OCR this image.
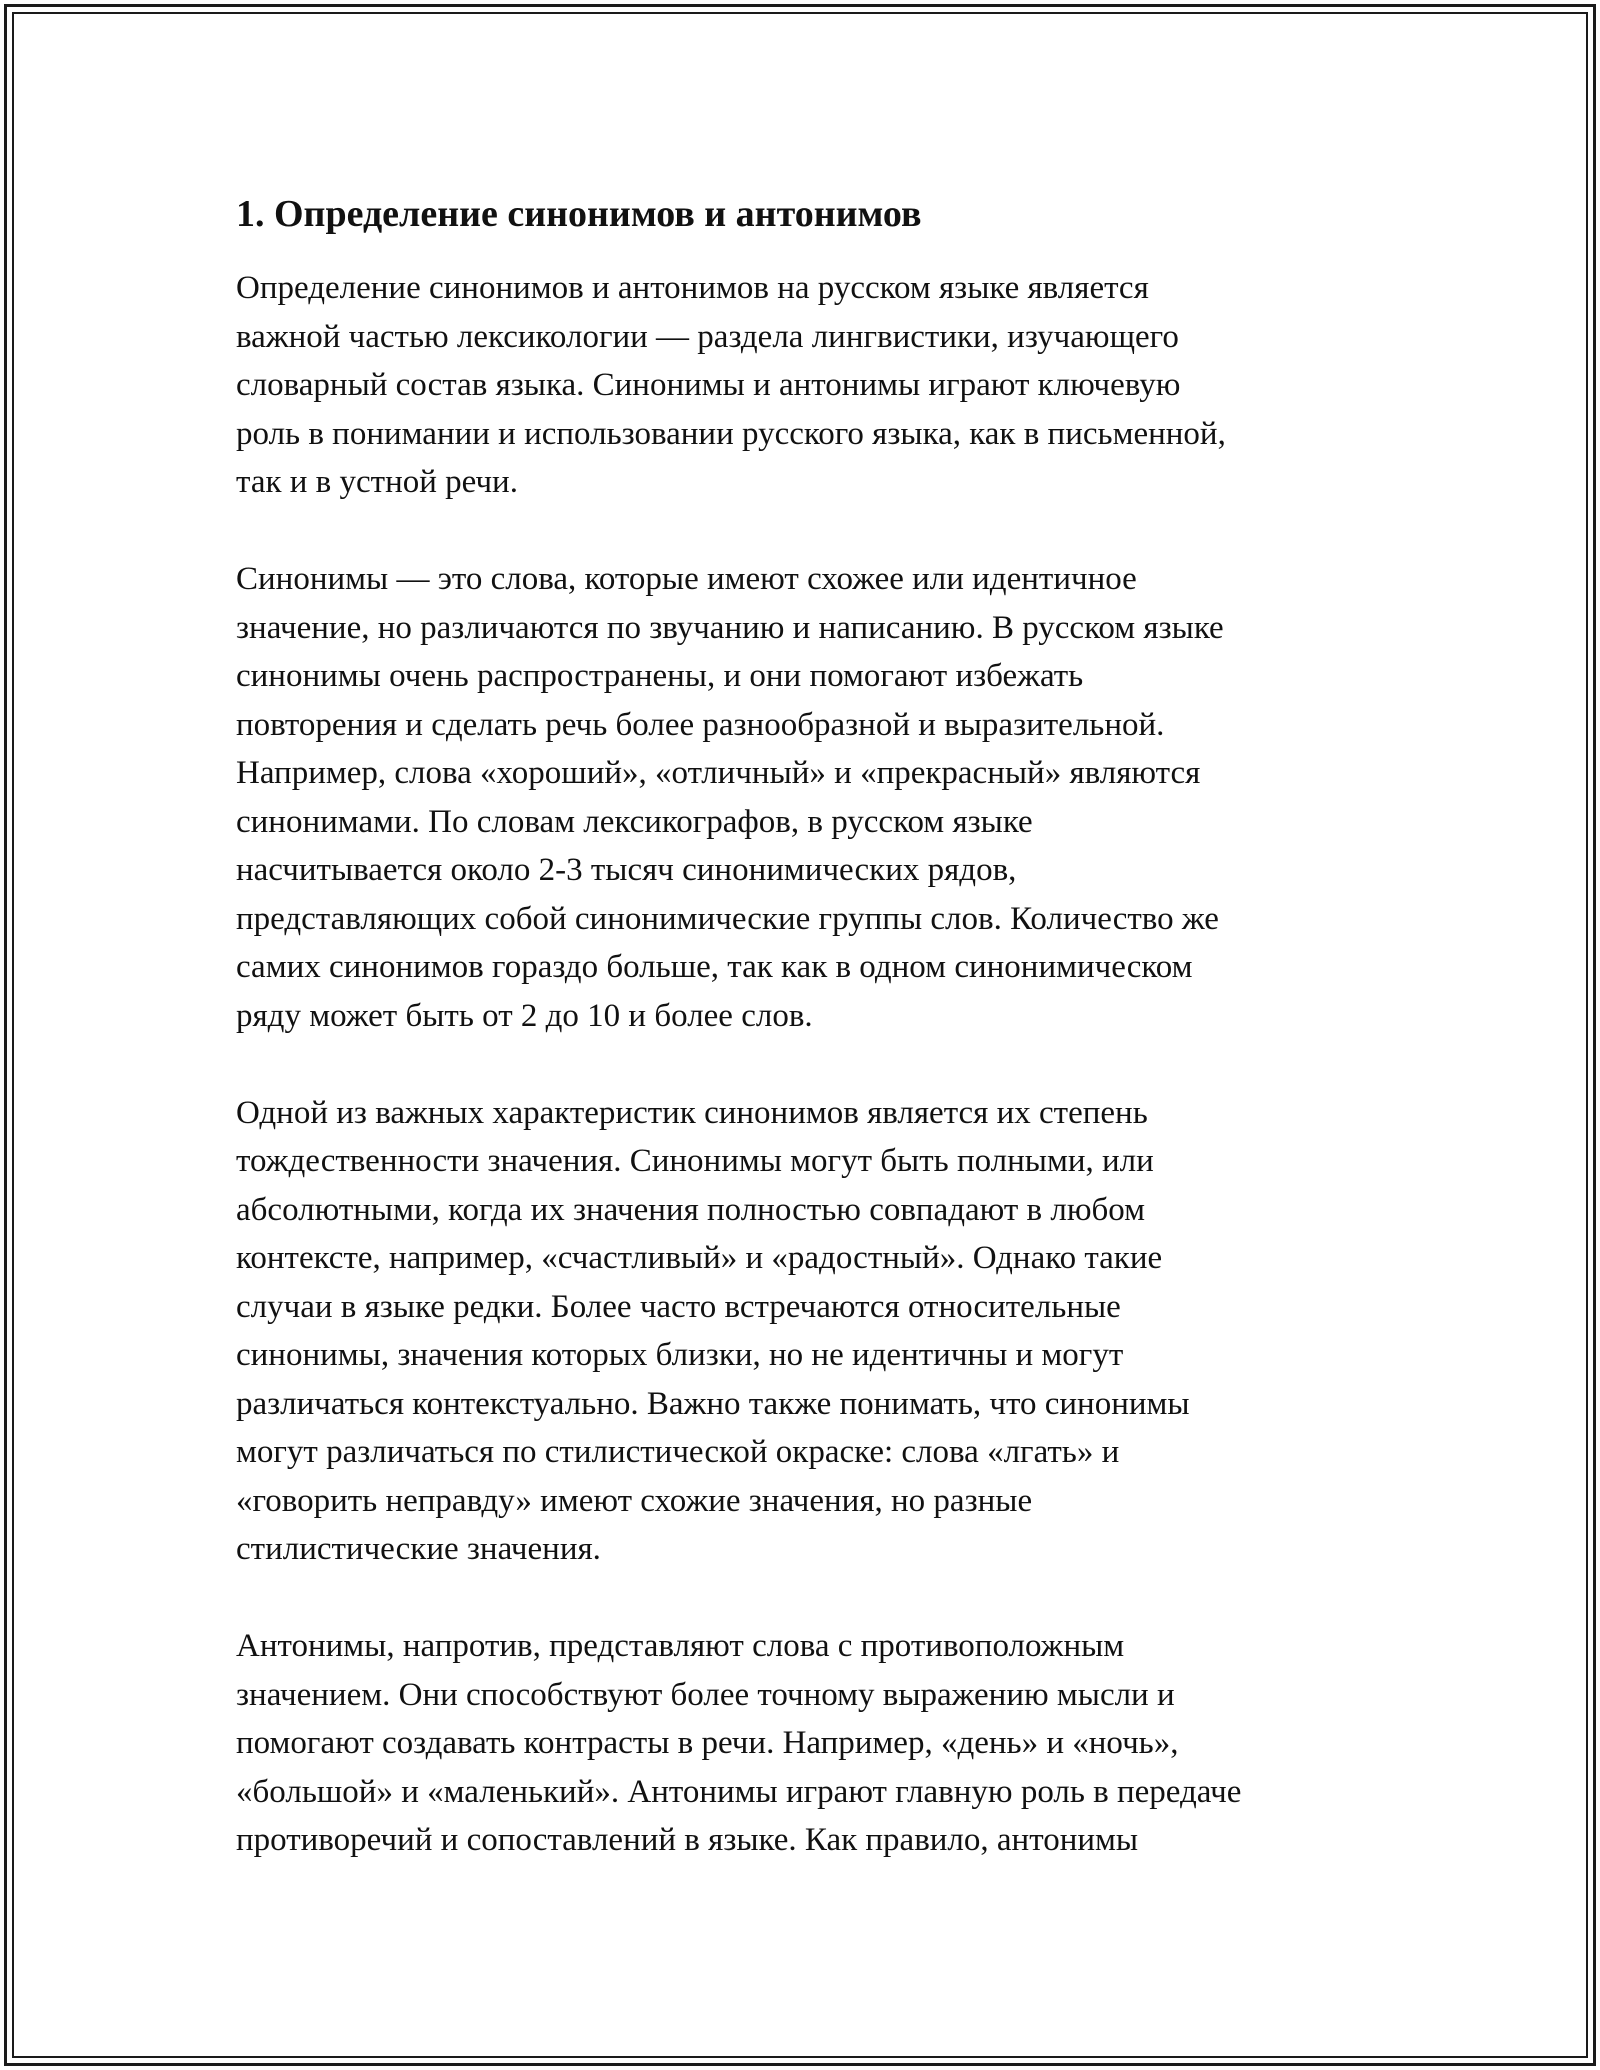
1. Определение синонимов и антонимов
Определение синонимов и антонимов на русском языке является
важной частью лексикологии — раздела лингвистики, изучающего
словарный состав языка. Синонимы и антонимы играют ключевую
роль в понимании и использовании русского языка, как в письменной,
так и в устной речи.
Синонимы — это слова, которые имеют схожее или идентичное
значение, но различаются по звучанию и написанию. В русском языке
синонимы очень распространены, и они помогают избежать
повторения и сделать речь более разнообразной и выразительной.
Например, слова «хороший», «отличный» и «прекрасный» являются
синонимами. По словам лексикографов, в русском языке
насчитывается около 2-3 тысяч синонимических рядов,
представляющих собой синонимические группы слов. Количество же
самих синонимов гораздо больше, так как в одном синонимическом
ряду может быть от 2 до 10 и более слов.
Одной из важных характеристик синонимов является их степень
тождественности значения. Синонимы могут быть полными, или
абсолютными, когда их значения полностью совпадают в любом
контексте, например, «счастливый» и «радостный». Однако такие
случаи в языке редки. Более часто встречаются относительные
синонимы, значения которых близки, но не идентичны и могут
различаться контекстуально. Важно также понимать, что синонимы
могут различаться по стилистической окраске: слова «лгать» и
«говорить неправду» имеют схожие значения, но разные
стилистические значения.
Антонимы, напротив, представляют слова с противоположным
значением. Они способствуют более точному выражению мысли и
помогают создавать контрасты в речи. Например, «день» и «ночь»,
«большой» и «маленький». Антонимы играют главную роль в передаче
противоречий и сопоставлений в языке. Как правило, антонимы
